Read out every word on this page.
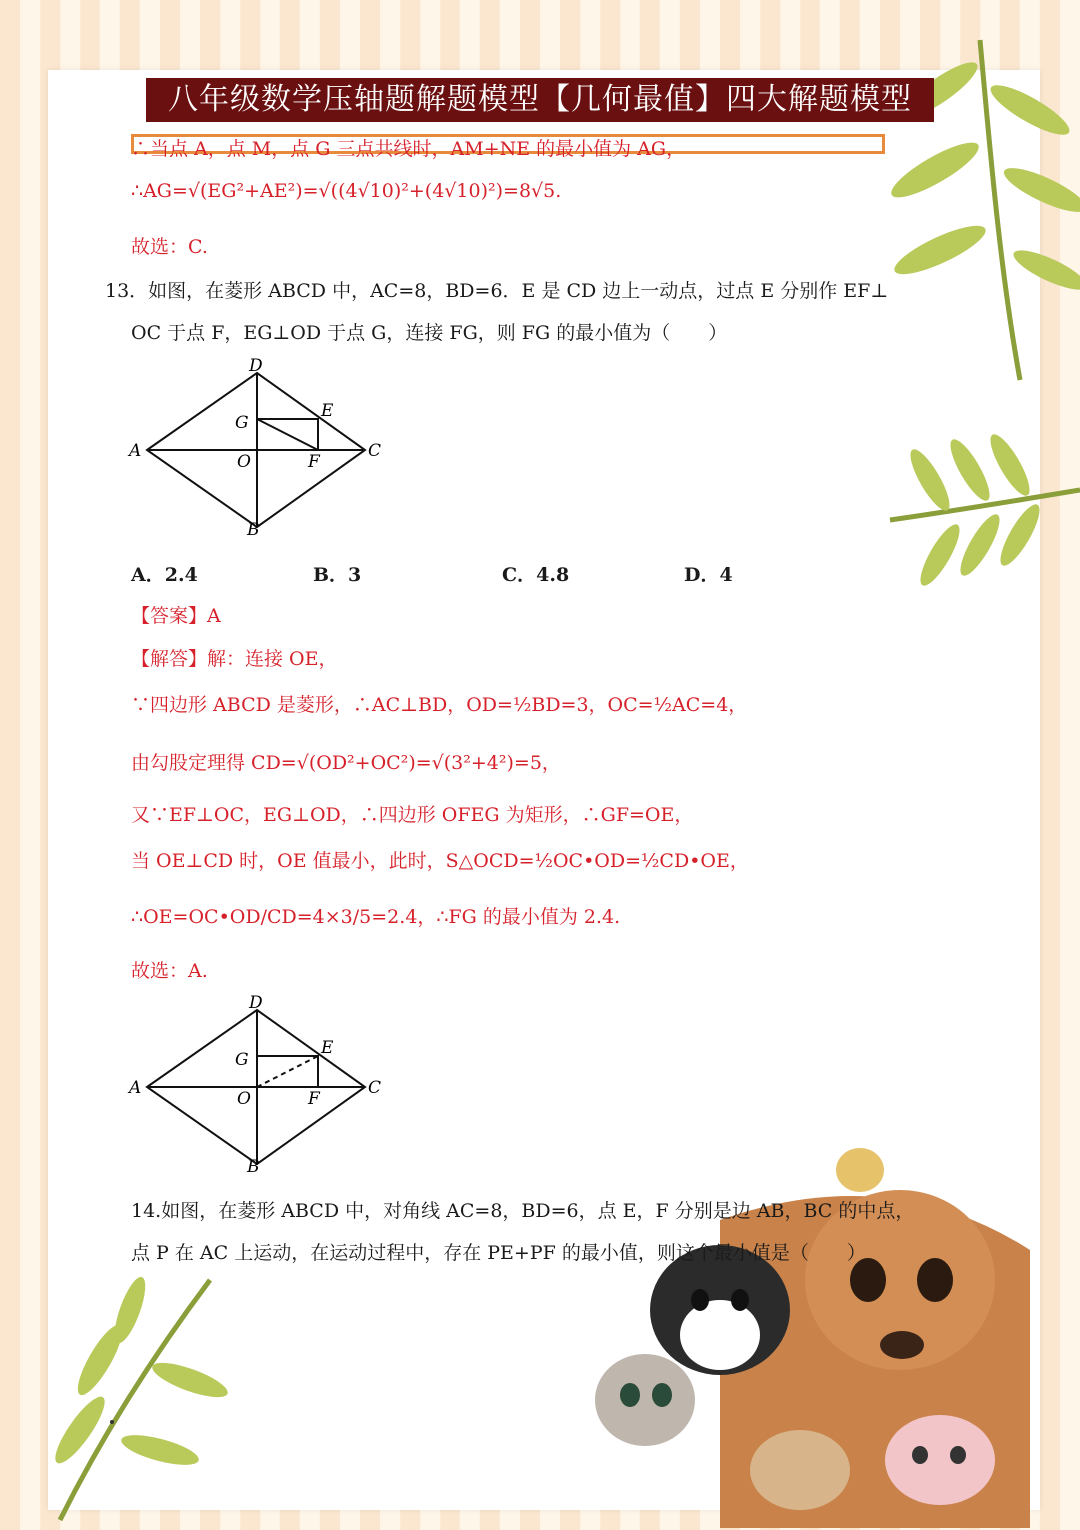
八年级数学压轴题解题模型【几何最值】四大解题模型
∴当点 A，点 M，点 G 三点共线时，AM+NE 的最小值为 AG，
∴AG=√(EG²+AE²)=√((4√10)²+(4√10)²)=8√5.
故选：C.
13．如图，在菱形 ABCD 中，AC=8，BD=6．E 是 CD 边上一动点，过点 E 分别作 EF⊥
OC 于点 F，EG⊥OD 于点 G，连接 FG，则 FG 的最小值为（　　）
A
D
C
B
E
F
G
O
A．2.4	B．3	C．4.8	D．4
【答案】A
【解答】解：连接 OE，
∵四边形 ABCD 是菱形，∴AC⊥BD，OD=½BD=3，OC=½AC=4，
由勾股定理得 CD=√(OD²+OC²)=√(3²+4²)=5，
又∵EF⊥OC，EG⊥OD，∴四边形 OFEG 为矩形，∴GF=OE，
当 OE⊥CD 时，OE 值最小，此时，S△OCD=½OC•OD=½CD•OE，
∴OE=OC•OD/CD=4×3/5=2.4，∴FG 的最小值为 2.4.
故选：A.
A
D
C
B
E
F
G
O
14.如图，在菱形 ABCD 中，对角线 AC=8，BD=6，点 E，F 分别是边 AB，BC 的中点，
点 P 在 AC 上运动，在运动过程中，存在 PE+PF 的最小值，则这个最小值是（　　）
